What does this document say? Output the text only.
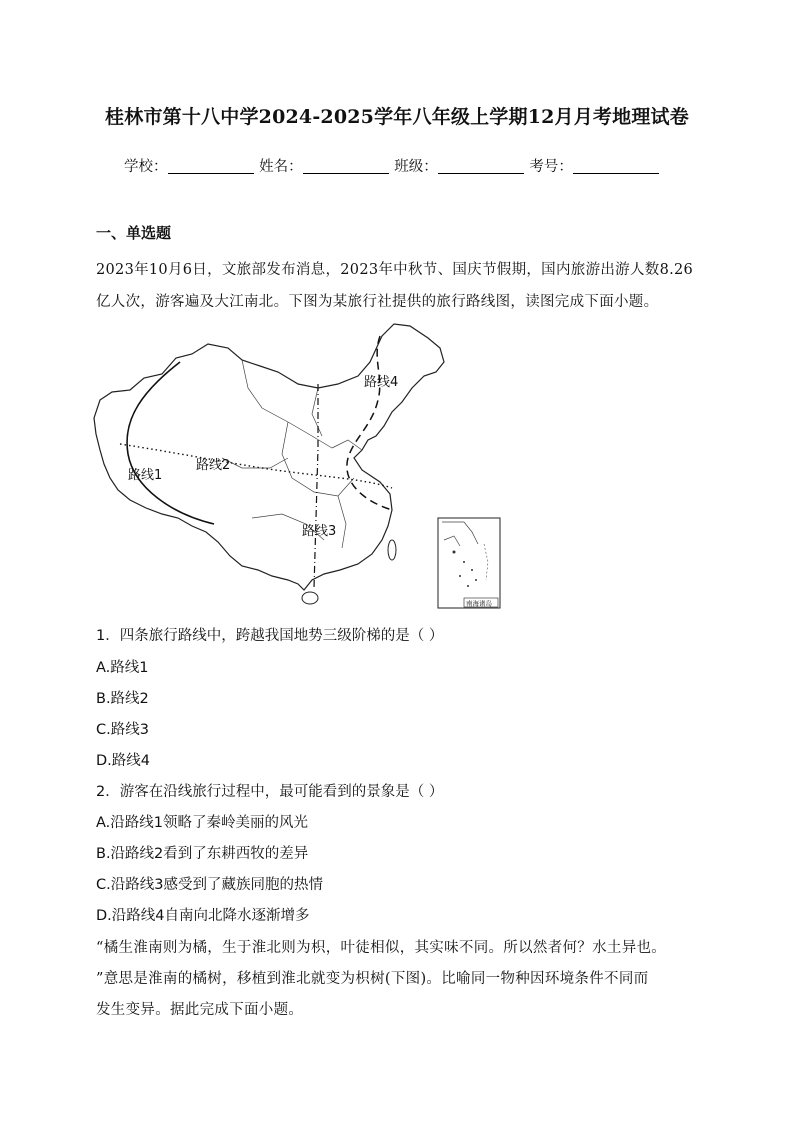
桂林市第十八中学2024-2025学年八年级上学期12月月考地理试卷
学校：	姓名：	班级：	考号：
一、单选题
2023年10月6日，文旅部发布消息，2023年中秋节、国庆节假期，国内旅游出游人数8.26
亿人次，游客遍及大江南北。下图为某旅行社提供的旅行路线图，读图完成下面小题。
路线4
路线2
路线1
路线3
南海诸岛
1．四条旅行路线中，跨越我国地势三级阶梯的是（ ）
A.路线1
B.路线2
C.路线3
D.路线4
2．游客在沿线旅行过程中，最可能看到的景象是（ ）
A.沿路线1领略了秦岭美丽的风光
B.沿路线2看到了东耕西牧的差异
C.沿路线3感受到了藏族同胞的热情
D.沿路线4自南向北降水逐渐增多
“橘生淮南则为橘，生于淮北则为枳，叶徒相似，其实味不同。所以然者何？水土异也。
”意思是淮南的橘树，移植到淮北就变为枳树(下图)。比喻同一物种因环境条件不同而
发生变异。据此完成下面小题。
